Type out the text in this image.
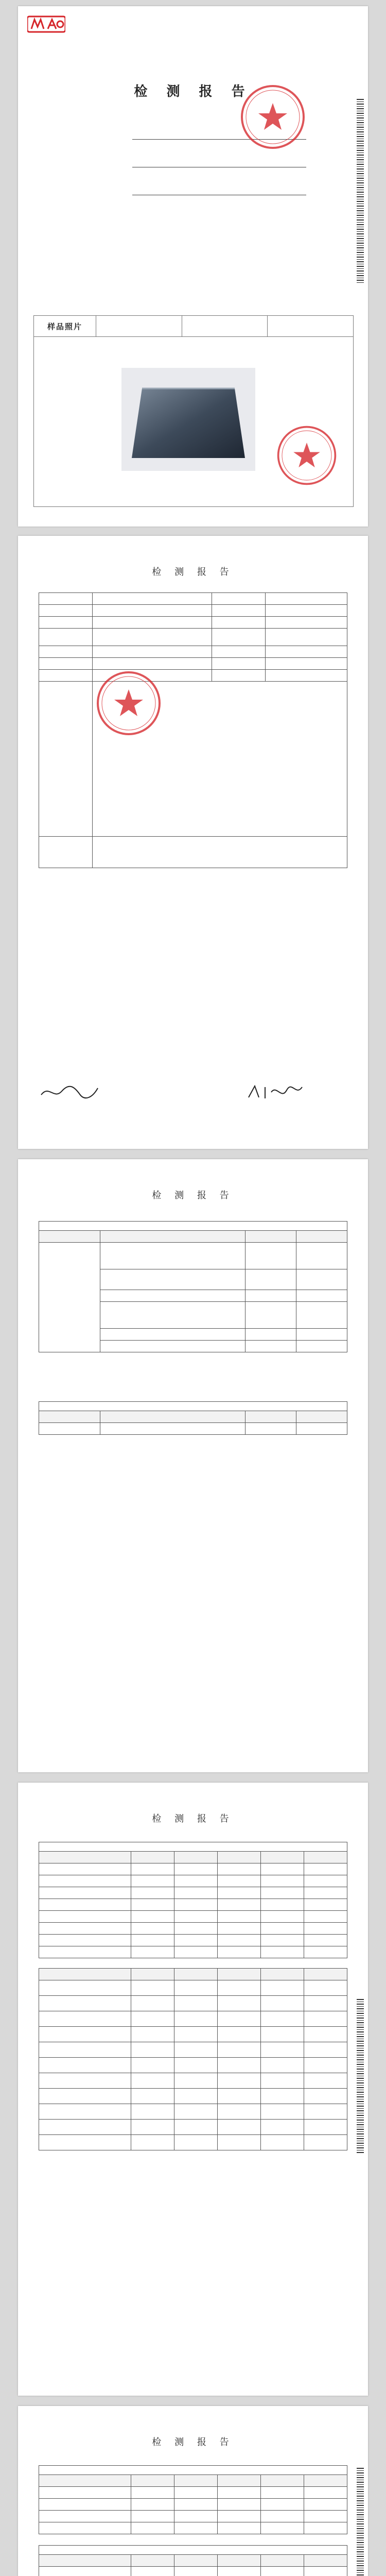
检 测 报 告
样品照片
检 测 报 告

检 测 报 告

检 测 报 告

检 测 报 告
